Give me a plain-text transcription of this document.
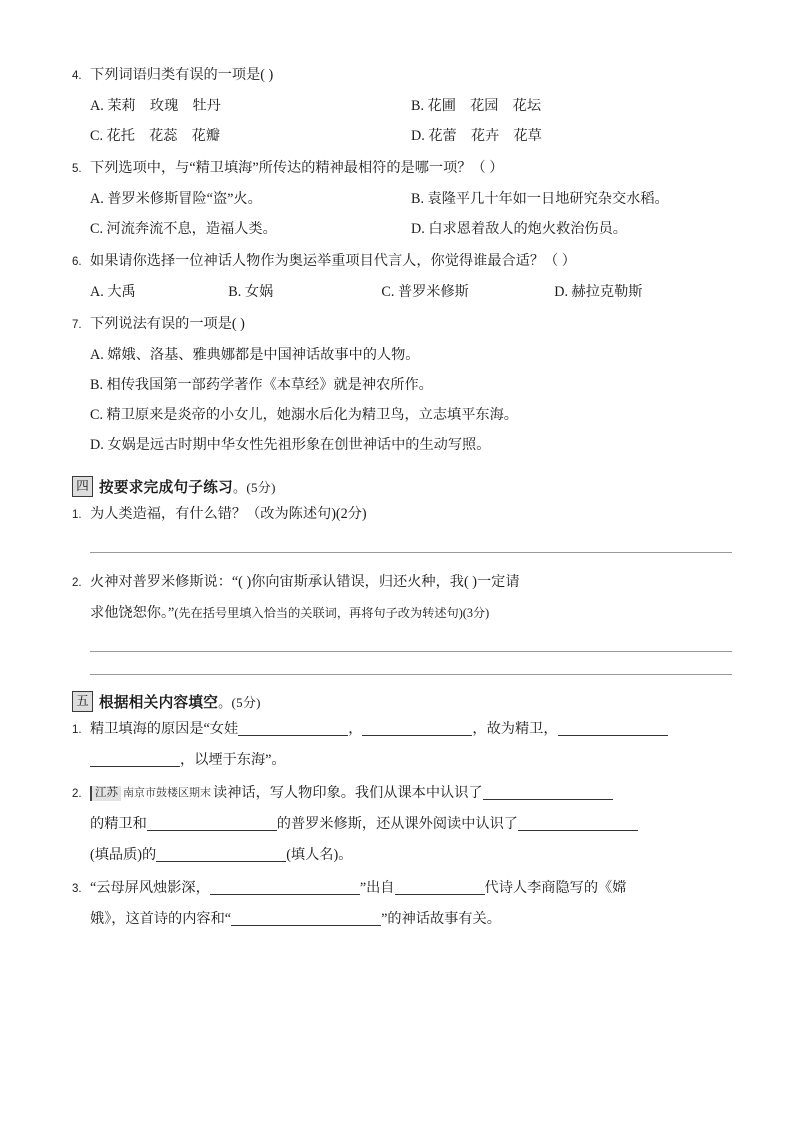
4. 下列词语归类有误的一项是( )
A. 茉莉　玫瑰　牡丹	B. 花圃　花园　花坛
C. 花托　花蕊　花瓣	D. 花蕾　花卉　花草
5. 下列选项中，与“精卫填海”所传达的精神最相符的是哪一项？（ ）
A. 普罗米修斯冒险“盗”火。	B. 袁隆平几十年如一日地研究杂交水稻。
C. 河流奔流不息，造福人类。	D. 白求恩着敌人的炮火救治伤员。
6. 如果请你选择一位神话人物作为奥运举重项目代言人，你觉得谁最合适？（ ）
A. 大禹	B. 女娲	C. 普罗米修斯	D. 赫拉克勒斯
7. 下列说法有误的一项是( )
A. 嫦娥、洛基、雅典娜都是中国神话故事中的人物。
B. 相传我国第一部药学著作《本草经》就是神农所作。
C. 精卫原来是炎帝的小女儿，她溺水后化为精卫鸟，立志填平东海。
D. 女娲是远古时期中华女性先祖形象在创世神话中的生动写照。
四 按要求完成句子练习。(5分)
1. 为人类造福，有什么错？（改为陈述句)(2分)
2. 火神对普罗米修斯说：“( )你向宙斯承认错误，归还火种，我( )一定请
求他饶恕你。”(先在括号里填入恰当的关联词，再将句子改为转述句)(3分)
五 根据相关内容填空。(5分)
1. 精卫填海的原因是“女娃	，	，故为精卫，
，以堙于东海”。
2.	江苏 南京市鼓楼区期末 读神话，写人物印象。我们从课本中认识了
的精卫和	的普罗米修斯，还从课外阅读中认识了
(填品质)的	(填人名)。
3. “云母屏风烛影深，	”出自	代诗人李商隐写的《嫦
娥》，这首诗的内容和“	”的神话故事有关。
